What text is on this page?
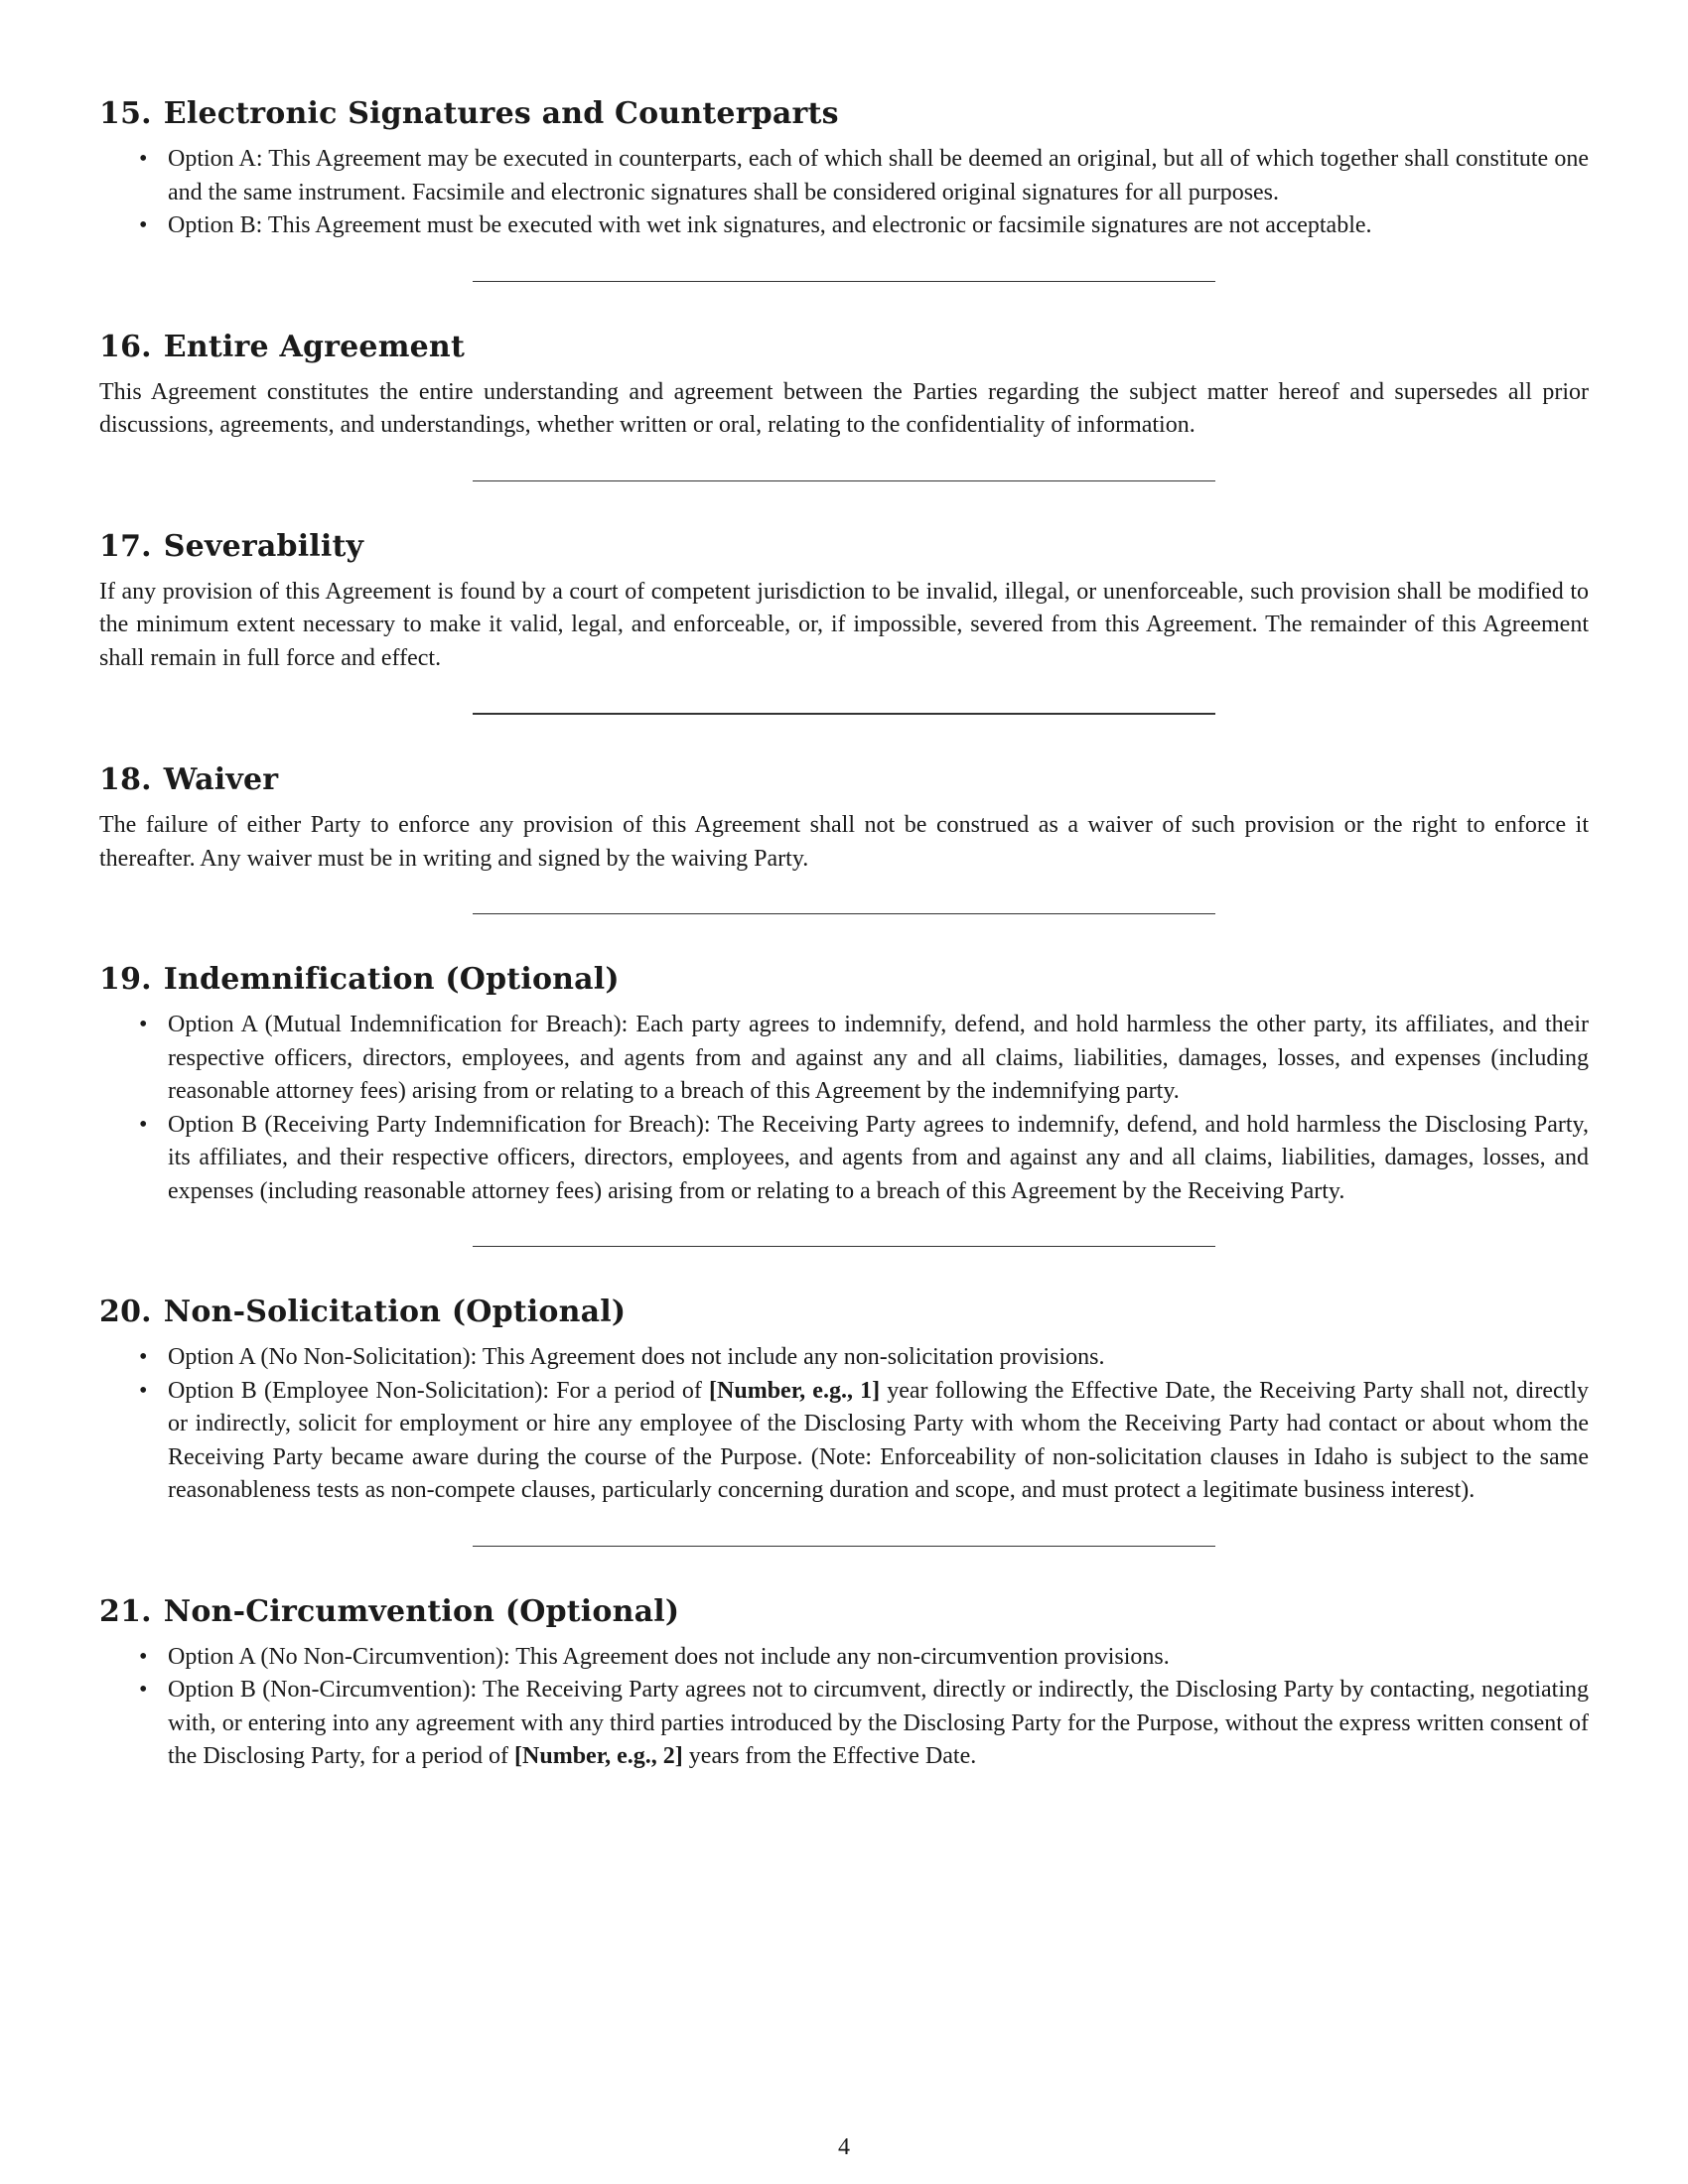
15. Electronic Signatures and Counterparts
• Option A: This Agreement may be executed in counterparts, each of which shall be deemed an original, but all of which together shall constitute one and the same instrument. Facsimile and electronic signatures shall be considered original signatures for all purposes.
• Option B: This Agreement must be executed with wet ink signatures, and electronic or facsimile signatures are not acceptable.
16. Entire Agreement

This Agreement constitutes the entire understanding and agreement between the Parties regarding the subject matter hereof and supersedes all prior discussions, agreements, and understandings, whether written or oral, relating to the confidentiality of information.

17. Severability

If any provision of this Agreement is found by a court of competent jurisdiction to be invalid, illegal, or unenforceable, such provision shall be modified to the minimum extent necessary to make it valid, legal, and enforceable, or, if impossible, severed from this Agreement. The remainder of this Agreement shall remain in full force and effect.

18. Waiver

The failure of either Party to enforce any provision of this Agreement shall not be construed as a waiver of such provision or the right to enforce it thereafter. Any waiver must be in writing and signed by the waiving Party.

19. Indemnification (Optional)
• Option A (Mutual Indemnification for Breach): Each party agrees to indemnify, defend, and hold harmless the other party, its affiliates, and their respective officers, directors, employees, and agents from and against any and all claims, liabilities, damages, losses, and expenses (including reasonable attorney fees) arising from or relating to a breach of this Agreement by the indemnifying party.
• Option B (Receiving Party Indemnification for Breach): The Receiving Party agrees to indemnify, defend, and hold harmless the Disclosing Party, its affiliates, and their respective officers, directors, employees, and agents from and against any and all claims, liabilities, damages, losses, and expenses (including reasonable attorney fees) arising from or relating to a breach of this Agreement by the Receiving Party.
20. Non-Solicitation (Optional)
• Option A (No Non-Solicitation): This Agreement does not include any non-solicitation provisions.
• Option B (Employee Non-Solicitation): For a period of [Number, e.g., 1] year following the Effective Date, the Receiving Party shall not, directly or indirectly, solicit for employment or hire any employee of the Disclosing Party with whom the Receiving Party had contact or about whom the Receiving Party became aware during the course of the Purpose. (Note: Enforceability of non-solicitation clauses in Idaho is subject to the same reasonableness tests as non-compete clauses, particularly concerning duration and scope, and must protect a legitimate business interest).
21. Non-Circumvention (Optional)
• Option A (No Non-Circumvention): This Agreement does not include any non-circumvention provisions.
• Option B (Non-Circumvention): The Receiving Party agrees not to circumvent, directly or indirectly, the Disclosing Party by contacting, negotiating with, or entering into any agreement with any third parties introduced by the Disclosing Party for the Purpose, without the express written consent of the Disclosing Party, for a period of [Number, e.g., 2] years from the Effective Date.
4
